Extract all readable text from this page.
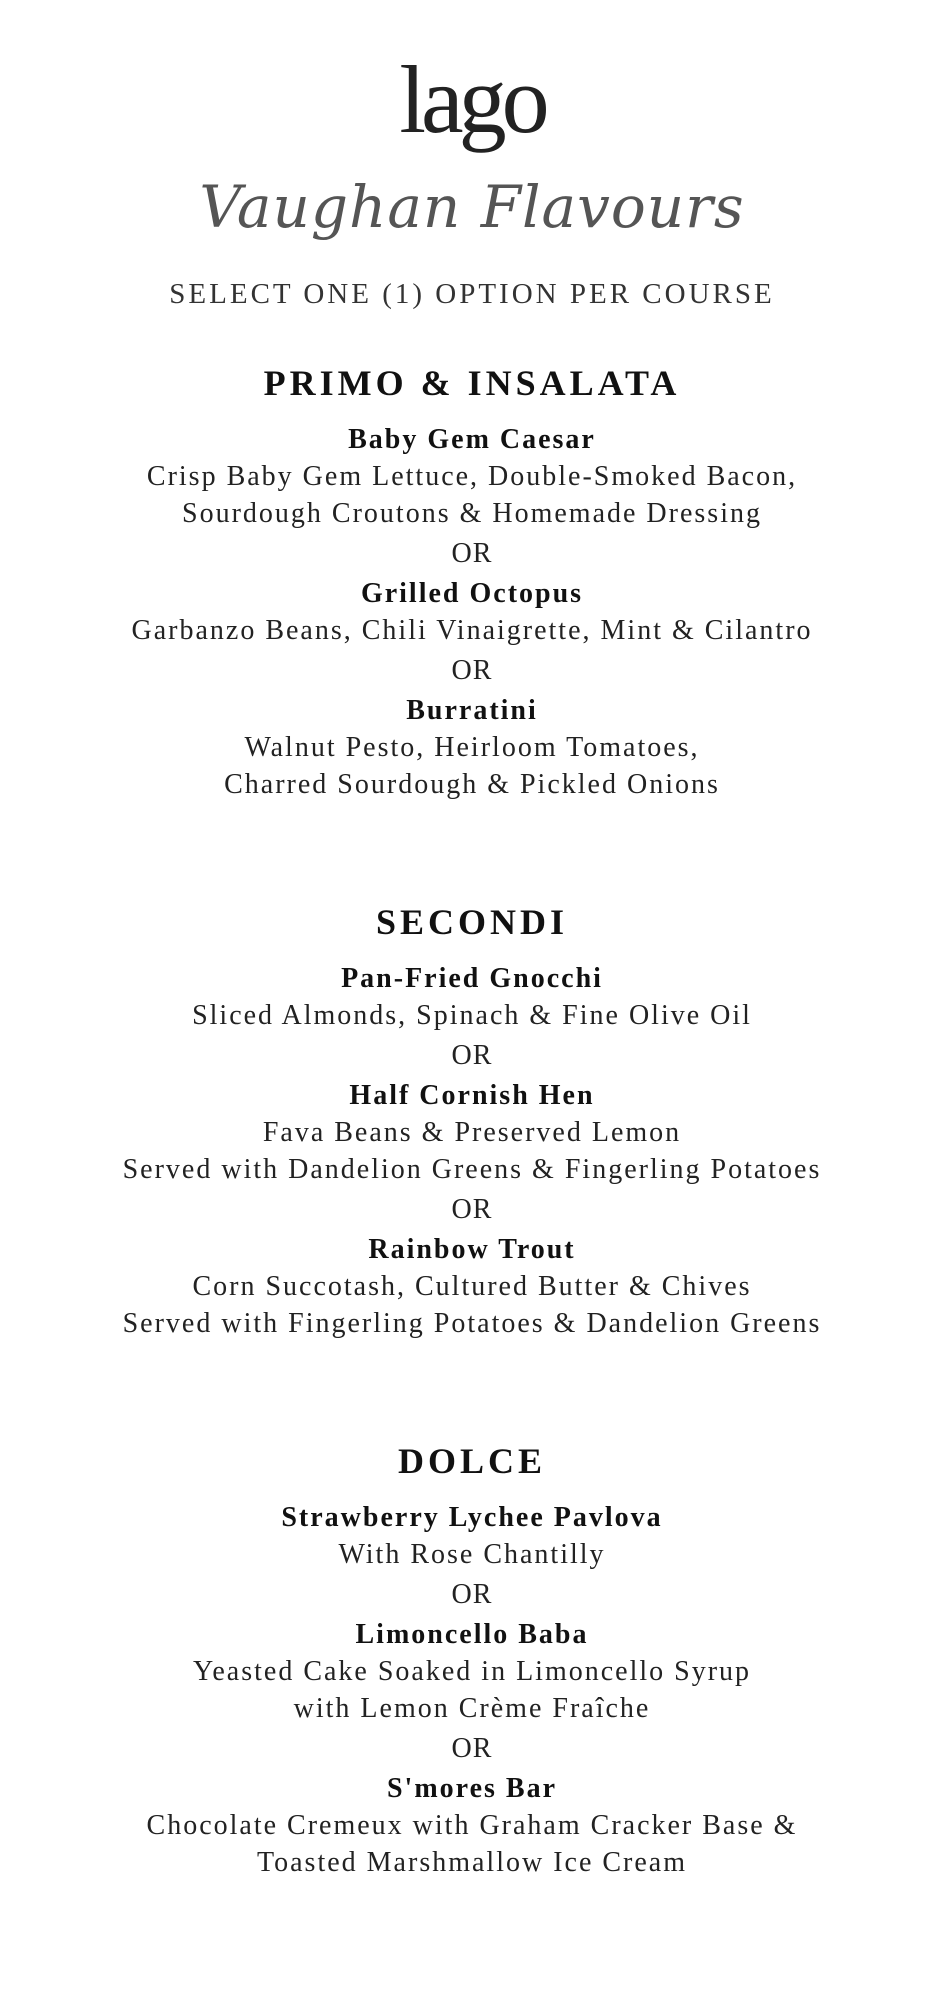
lago
Vaughan Flavours
SELECT ONE (1) OPTION PER COURSE
PRIMO & INSALATA
Baby Gem Caesar
Crisp Baby Gem Lettuce, Double-Smoked Bacon,
Sourdough Croutons & Homemade Dressing
OR
Grilled Octopus
Garbanzo Beans, Chili Vinaigrette, Mint & Cilantro
OR
Burratini
Walnut Pesto, Heirloom Tomatoes,
Charred Sourdough & Pickled Onions
SECONDI
Pan-Fried Gnocchi
Sliced Almonds, Spinach & Fine Olive Oil
OR
Half Cornish Hen
Fava Beans & Preserved Lemon
Served with Dandelion Greens & Fingerling Potatoes
OR
Rainbow Trout
Corn Succotash, Cultured Butter & Chives
Served with Fingerling Potatoes & Dandelion Greens
DOLCE
Strawberry Lychee Pavlova
With Rose Chantilly
OR
Limoncello Baba
Yeasted Cake Soaked in Limoncello Syrup
with Lemon Crème Fraîche
OR
S'mores Bar
Chocolate Cremeux with Graham Cracker Base &
Toasted Marshmallow Ice Cream
